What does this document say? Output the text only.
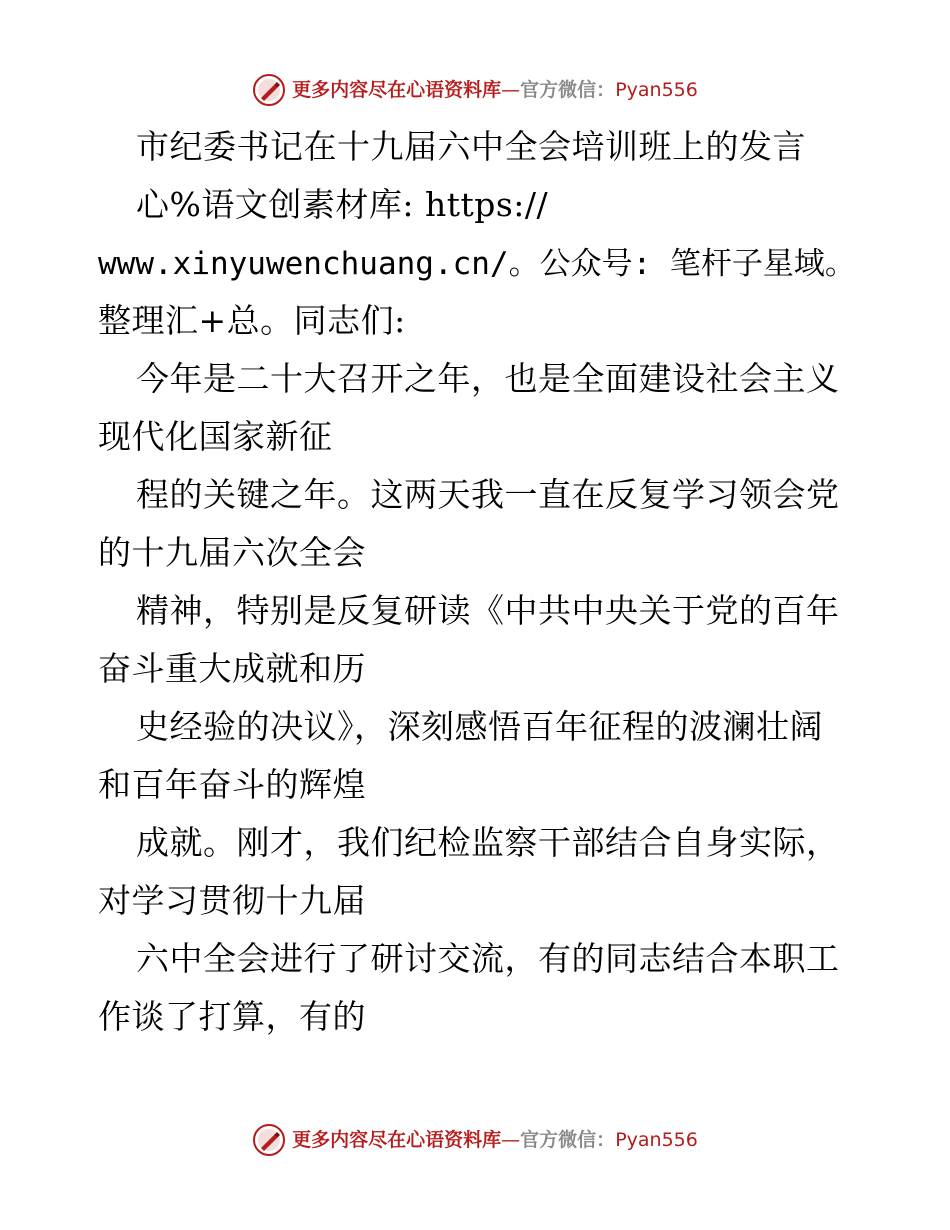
更多内容尽在心语资料库—官方微信：Pyan556
市纪委书记在十九届六中全会培训班上的发言
心%语文创素材库: https://
www.xinyuwenchuang.cn/。公众号: 笔杆子星域。
整理汇+总。同志们:
今年是二十大召开之年，也是全面建设社会主义
现代化国家新征
程的关键之年。这两天我一直在反复学习领会党
的十九届六次全会
精神，特别是反复研读《中共中央关于党的百年
奋斗重大成就和历
史经验的决议》，深刻感悟百年征程的波澜壮阔
和百年奋斗的辉煌
成就。刚才，我们纪检监察干部结合自身实际，
对学习贯彻十九届
六中全会进行了研讨交流，有的同志结合本职工
作谈了打算，有的
更多内容尽在心语资料库—官方微信：Pyan556
